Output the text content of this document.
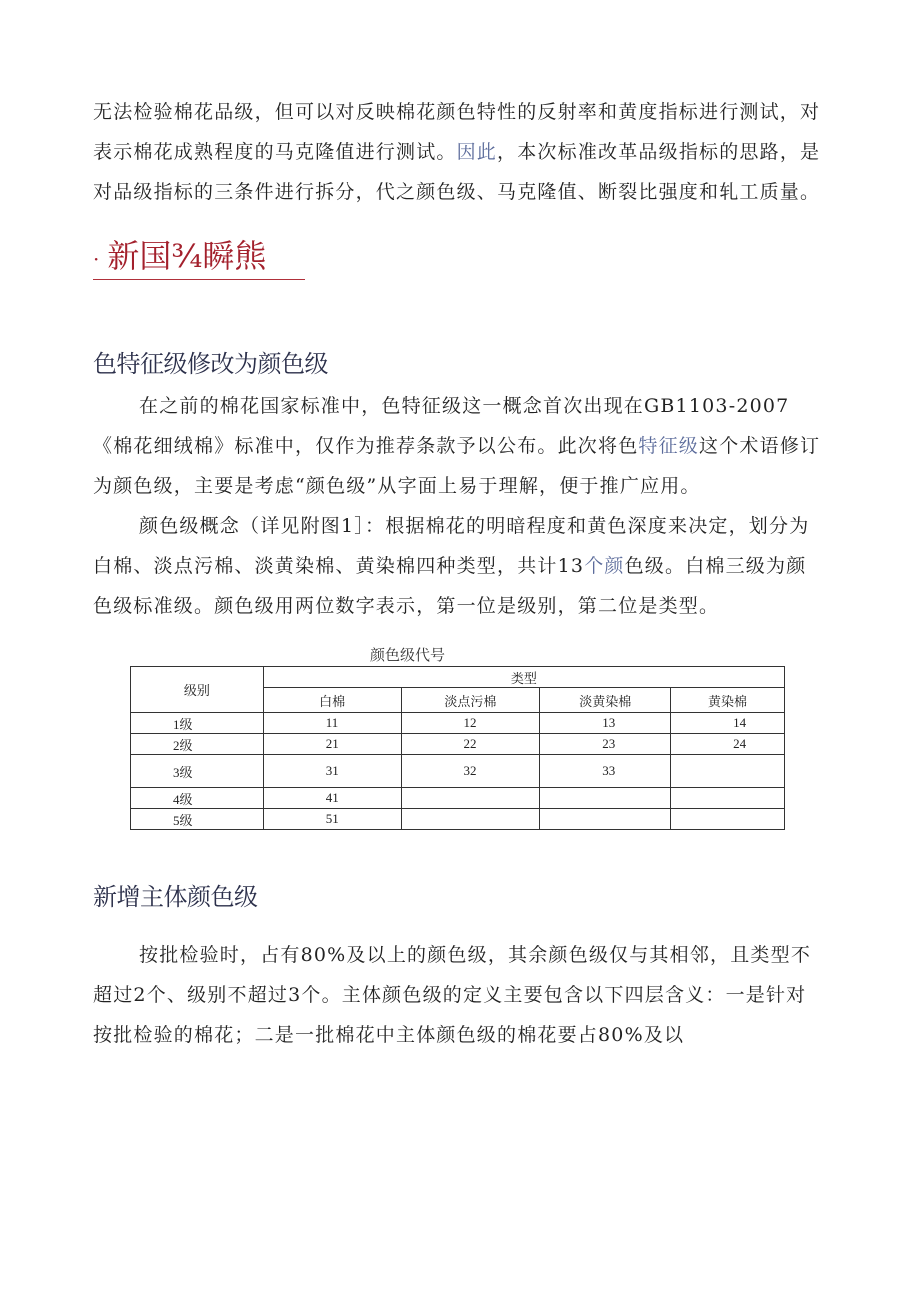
无法检验棉花品级，但可以对反映棉花颜色特性的反射率和黄度指标进行测试，对表示棉花成熟程度的马克隆值进行测试。因此，本次标准改革品级指标的思路，是对品级指标的三条件进行拆分，代之颜色级、马克隆值、断裂比强度和轧工质量。

· 新国¾瞬熊
色特征级修改为颜色级

在之前的棉花国家标准中，色特征级这一概念首次出现在GB1103-2007《棉花细绒棉》标准中，仅作为推荐条款予以公布。此次将色特征级这个术语修订为颜色级，主要是考虑“颜色级”从字面上易于理解，便于推广应用。

颜色级概念（详见附图1］：根据棉花的明暗程度和黄色深度来决定，划分为白棉、淡点污棉、淡黄染棉、黄染棉四种类型，共计13个颜色级。白棉三级为颜色级标准级。颜色级用两位数字表示，第一位是级别，第二位是类型。

颜色级代号
级别	类型			
	白棉	淡点污棉	淡黄染棉	黄染棉
1级	11	12	13	14
2级	21	22	23	24
3级	31	32	33	
4级	41			
5级	51			
新增主体颜色级

按批检验时，占有80%及以上的颜色级，其余颜色级仅与其相邻，且类型不超过2个、级别不超过3个。主体颜色级的定义主要包含以下四层含义：一是针对按批检验的棉花；二是一批棉花中主体颜色级的棉花要占80%及以
